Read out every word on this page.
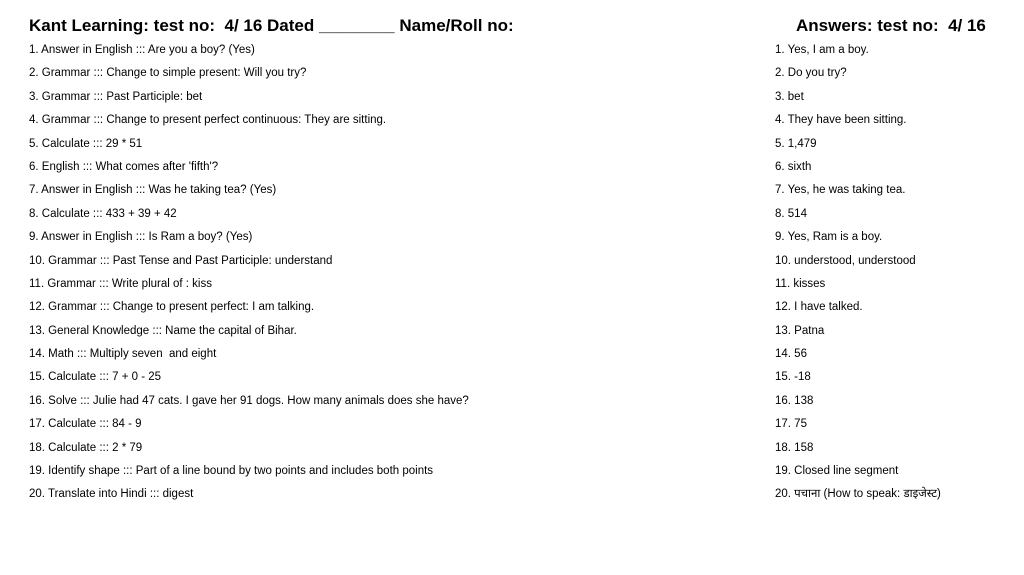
Kant Learning: test no:  4/ 16 Dated ________ Name/Roll no:	Answers: test no:  4/ 16
1. Answer in English ::: Are you a boy? (Yes)
2. Grammar ::: Change to simple present: Will you try?
3. Grammar ::: Past Participle: bet
4. Grammar ::: Change to present perfect continuous: They are sitting.
5. Calculate ::: 29 * 51
6. English ::: What comes after 'fifth'?
7. Answer in English ::: Was he taking tea? (Yes)
8. Calculate ::: 433 + 39 + 42
9. Answer in English ::: Is Ram a boy? (Yes)
10. Grammar ::: Past Tense and Past Participle: understand
11. Grammar ::: Write plural of : kiss
12. Grammar ::: Change to present perfect: I am talking.
13. General Knowledge ::: Name the capital of Bihar.
14. Math ::: Multiply seven  and eight
15. Calculate ::: 7 + 0 - 25
16. Solve ::: Julie had 47 cats. I gave her 91 dogs. How many animals does she have?
17. Calculate ::: 84 - 9
18. Calculate ::: 2 * 79
19. Identify shape ::: Part of a line bound by two points and includes both points
20. Translate into Hindi ::: digest
1. Yes, I am a boy.
2. Do you try?
3. bet
4. They have been sitting.
5. 1,479
6. sixth
7. Yes, he was taking tea.
8. 514
9. Yes, Ram is a boy.
10. understood, understood
11. kisses
12. I have talked.
13. Patna
14. 56
15. -18
16. 138
17. 75
18. 158
19. Closed line segment
20. पचाना (How to speak: डाइजेस्ट)
